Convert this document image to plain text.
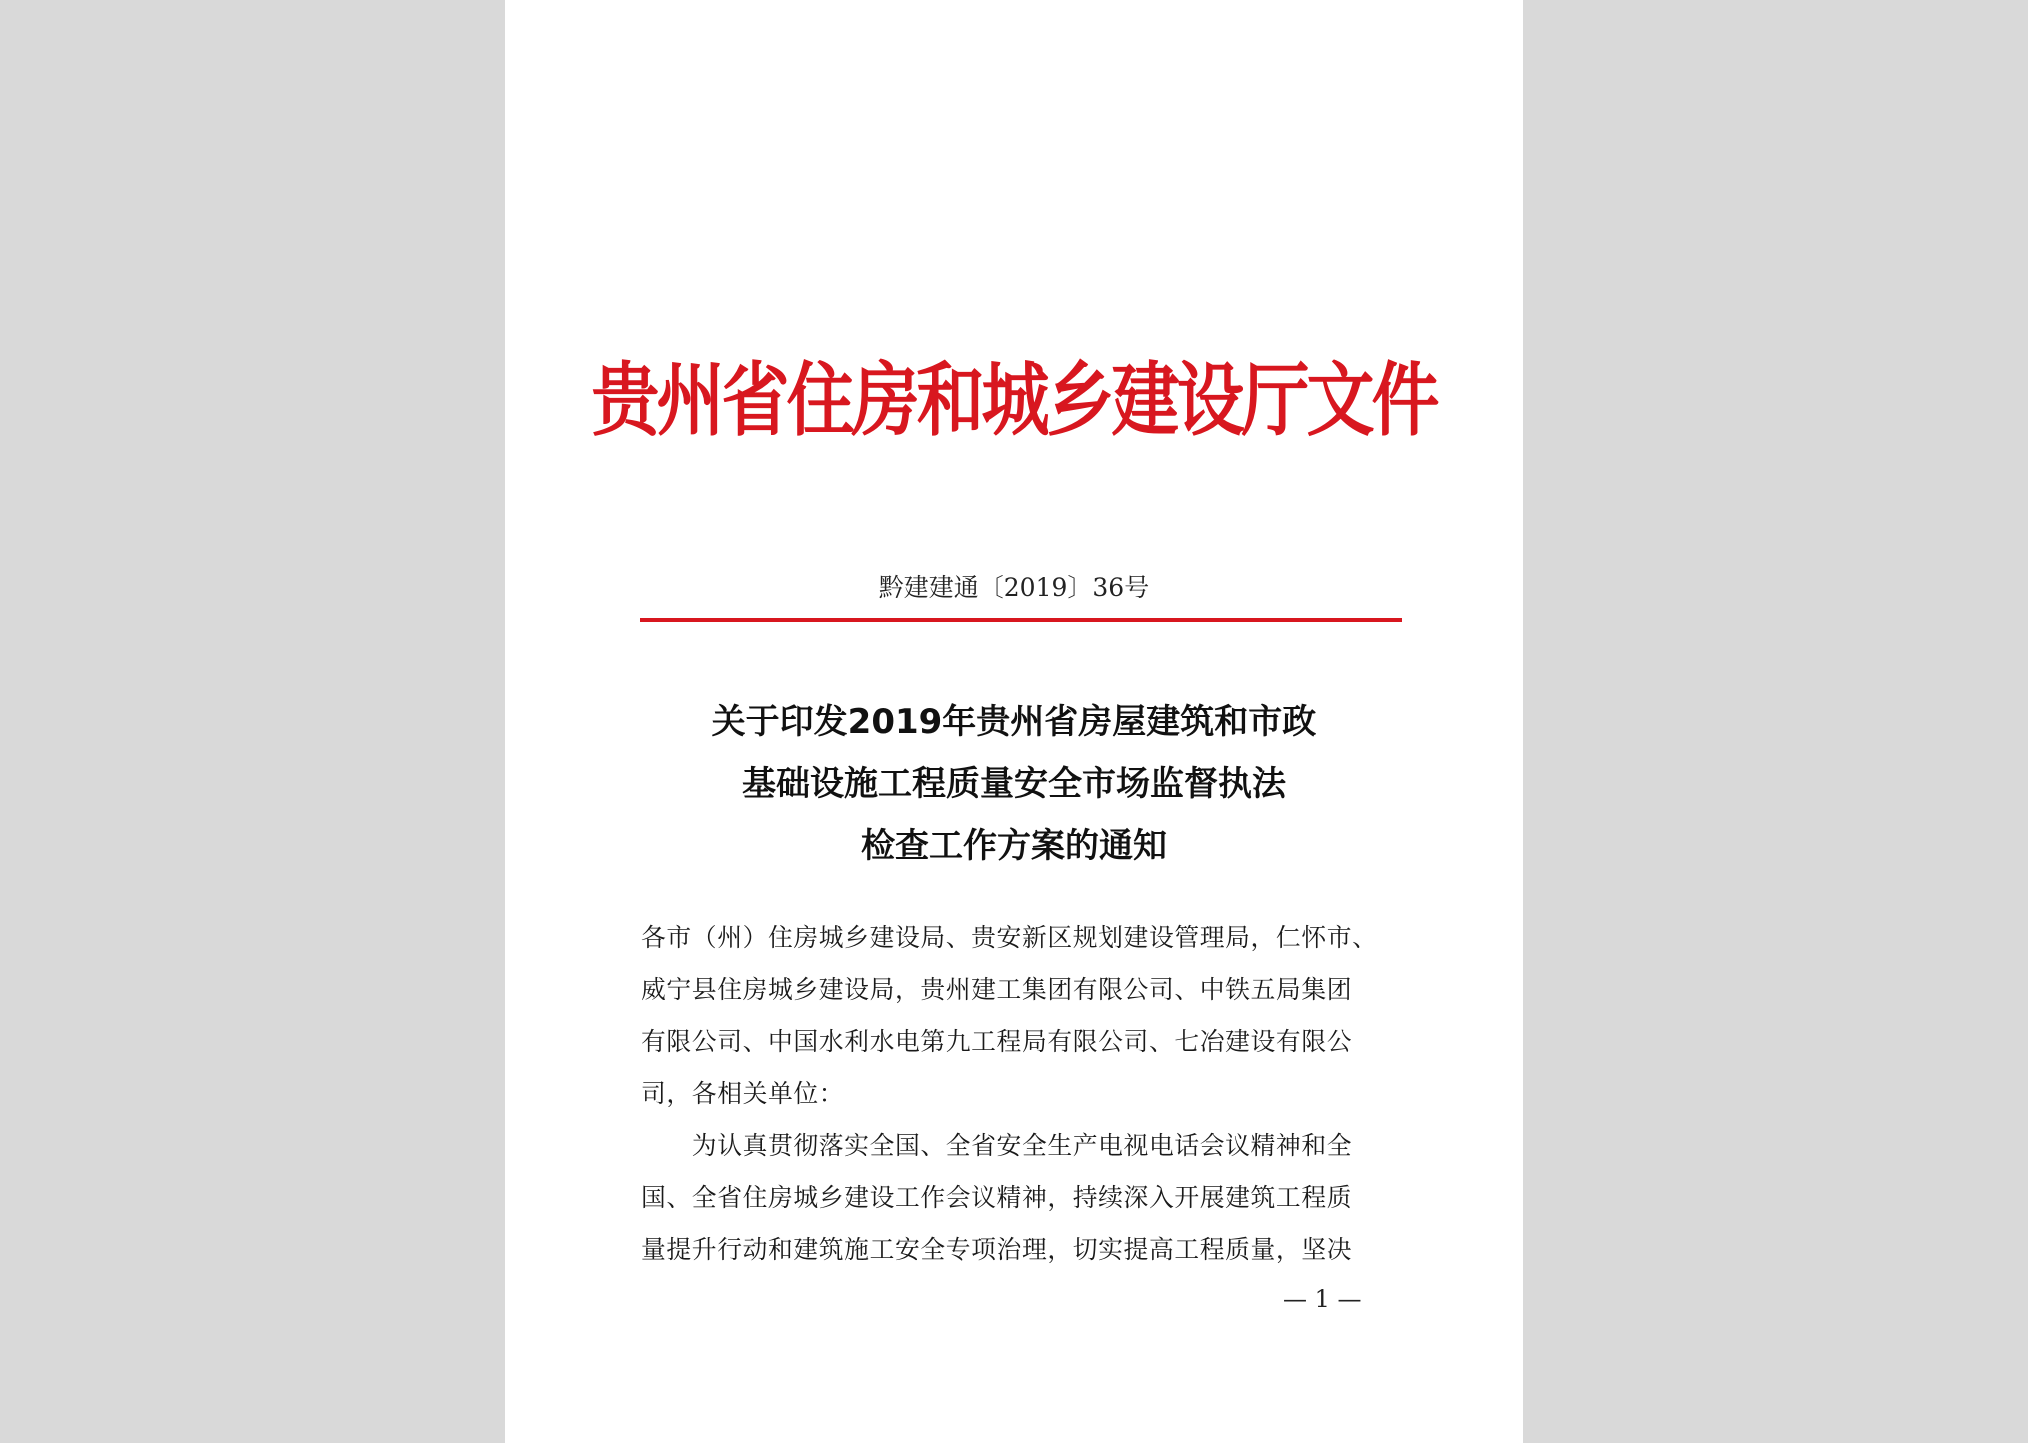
贵州省住房和城乡建设厅文件
黔建建通〔2019〕36号
关于印发2019年贵州省房屋建筑和市政
基础设施工程质量安全市场监督执法
检查工作方案的通知
各市（州）住房城乡建设局、贵安新区规划建设管理局，仁怀市、
威宁县住房城乡建设局，贵州建工集团有限公司、中铁五局集团
有限公司、中国水利水电第九工程局有限公司、七冶建设有限公
司，各相关单位：
　　为认真贯彻落实全国、全省安全生产电视电话会议精神和全
国、全省住房城乡建设工作会议精神，持续深入开展建筑工程质
量提升行动和建筑施工安全专项治理，切实提高工程质量，坚决
— 1 —
